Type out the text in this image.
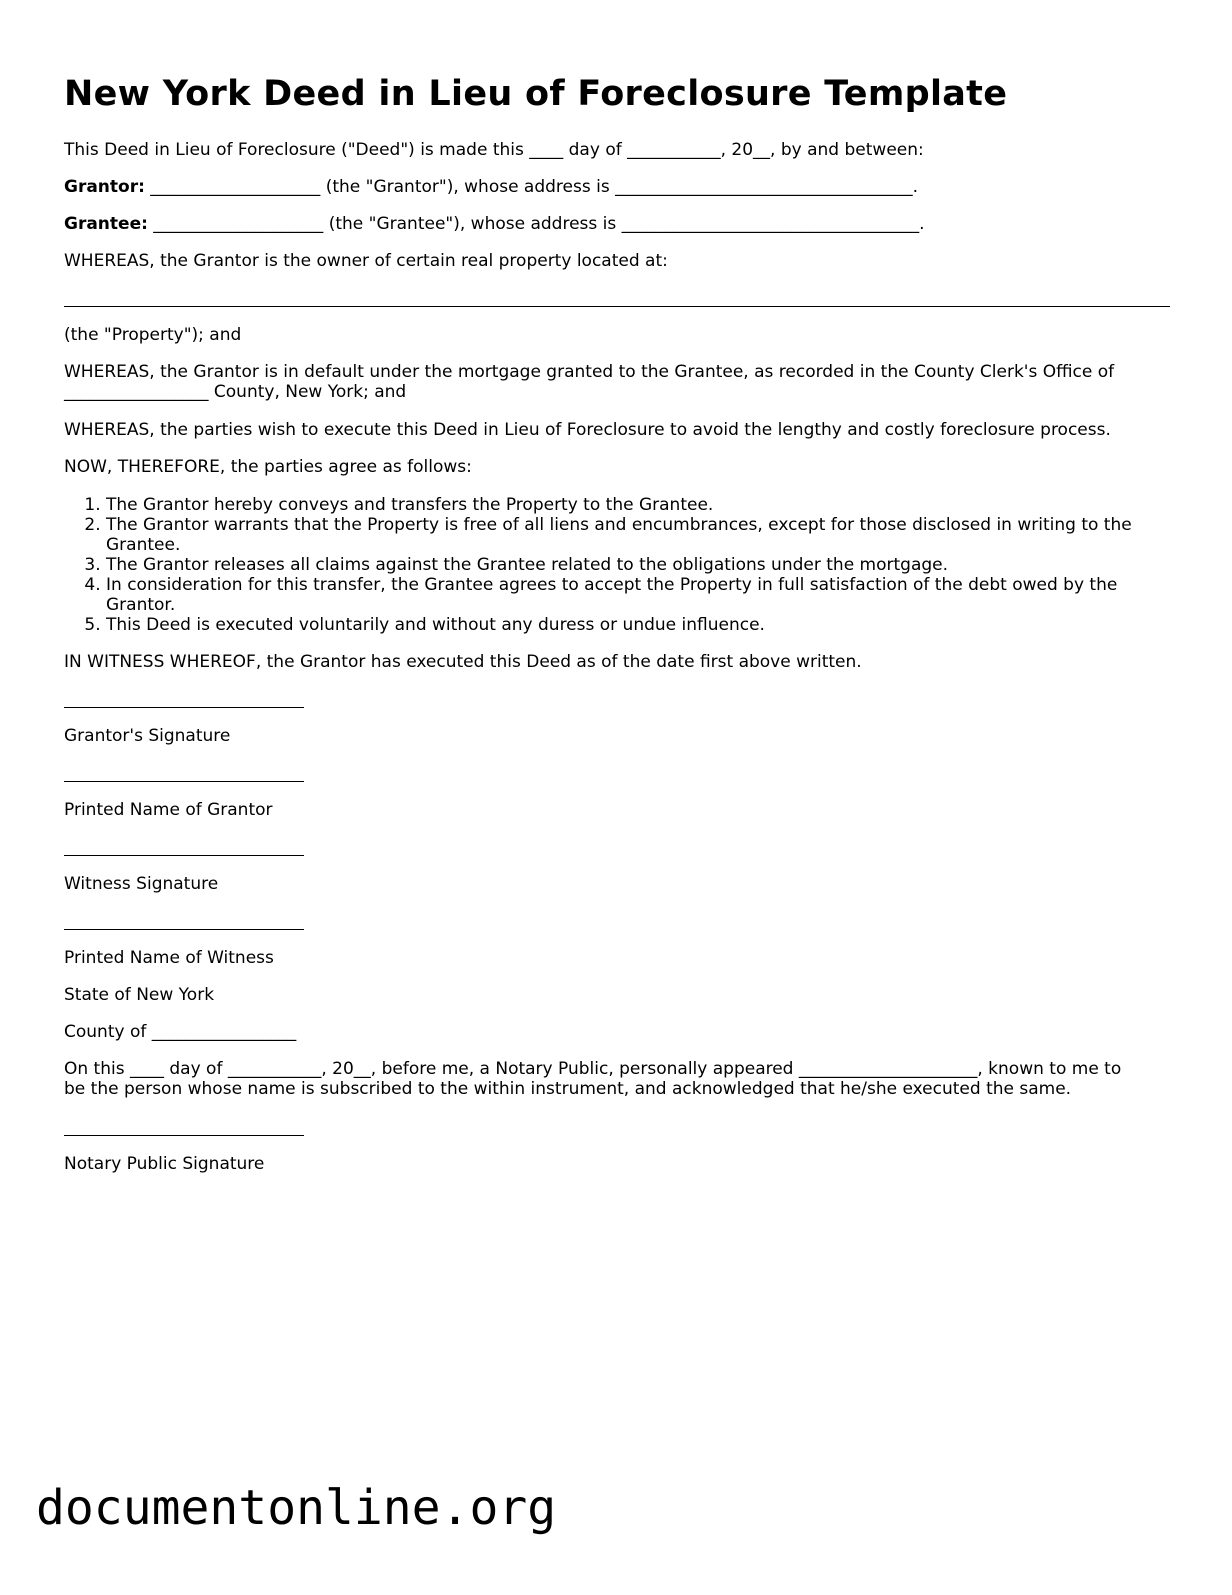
New York Deed in Lieu of Foreclosure Template

This Deed in Lieu of Foreclosure ("Deed") is made this ____ day of ___________, 20__, by and between:

Grantor: ____________________ (the "Grantor"), whose address is ___________________________________.

Grantee: ____________________ (the "Grantee"), whose address is ___________________________________.

WHEREAS, the Grantor is the owner of certain real property located at:

(the "Property"); and

WHEREAS, the Grantor is in default under the mortgage granted to the Grantee, as recorded in the County Clerk's Office of _________________ County, New York; and

WHEREAS, the parties wish to execute this Deed in Lieu of Foreclosure to avoid the lengthy and costly foreclosure process.

NOW, THEREFORE, the parties agree as follows:

1. The Grantor hereby conveys and transfers the Property to the Grantee.
2. The Grantor warrants that the Property is free of all liens and encumbrances, except for those disclosed in writing to the Grantee.
3. The Grantor releases all claims against the Grantee related to the obligations under the mortgage.
4. In consideration for this transfer, the Grantee agrees to accept the Property in full satisfaction of the debt owed by the Grantor.
5. This Deed is executed voluntarily and without any duress or undue influence.

IN WITNESS WHEREOF, the Grantor has executed this Deed as of the date first above written.

Grantor's Signature

Printed Name of Grantor

Witness Signature

Printed Name of Witness

State of New York

County of _________________

On this ____ day of ___________, 20__, before me, a Notary Public, personally appeared _____________________, known to me to be the person whose name is subscribed to the within instrument, and acknowledged that he/she executed the same.

Notary Public Signature

documentonline.org
